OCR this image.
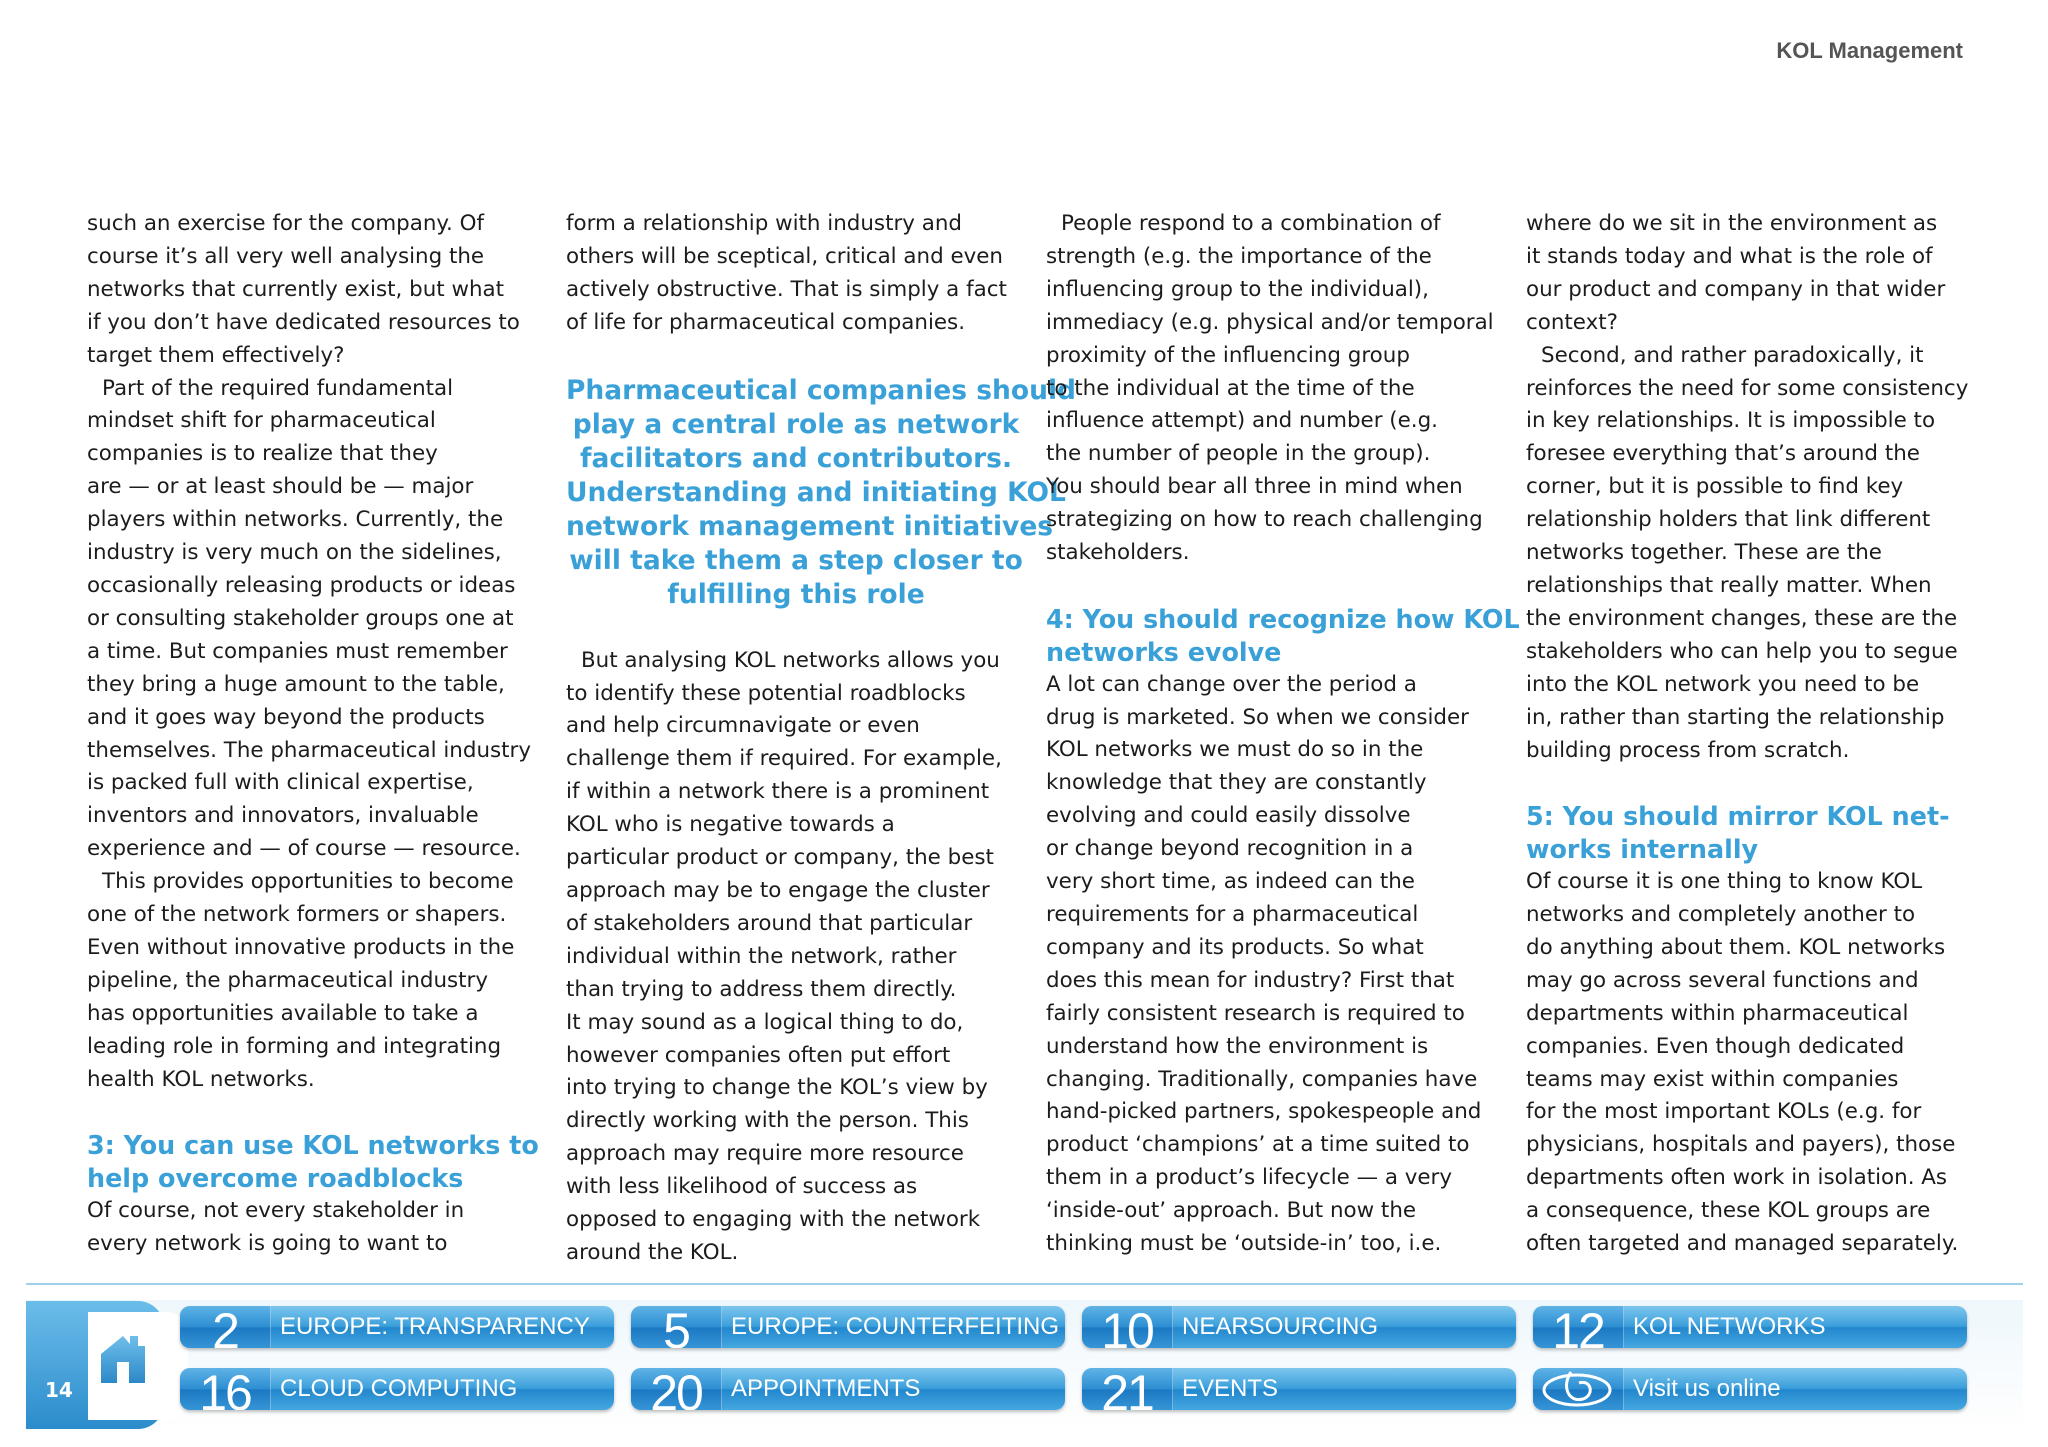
KOL Management

such an exercise for the company. Of

course it’s all very well analysing the

networks that currently exist, but what

if you don’t have dedicated resources to

target them effectively?

Part of the required fundamental

mindset shift for pharmaceutical

companies is to realize that they

are — or at least should be — major

players within networks. Currently, the

industry is very much on the sidelines,

occasionally releasing products or ideas

or consulting stakeholder groups one at

a time. But companies must remember

they bring a huge amount to the table,

and it goes way beyond the products

themselves. The pharmaceutical industry

is packed full with clinical expertise,

inventors and innovators, invaluable

experience and — of course — resource.

This provides opportunities to become

one of the network formers or shapers.

Even without innovative products in the

pipeline, the pharmaceutical industry

has opportunities available to take a

leading role in forming and integrating

health KOL networks.

3: You can use KOL networks to
help overcome roadblocks

Of course, not every stakeholder in

every network is going to want to

form a relationship with industry and

others will be sceptical, critical and even

actively obstructive. That is simply a fact

of life for pharmaceutical companies.

Pharmaceutical companies should

play a central role as network

facilitators and contributors.

Understanding and initiating KOL

network management initiatives

will take them a step closer to

fulfilling this role

But analysing KOL networks allows you

to identify these potential roadblocks

and help circumnavigate or even

challenge them if required. For example,

if within a network there is a prominent

KOL who is negative towards a

particular product or company, the best

approach may be to engage the cluster

of stakeholders around that particular

individual within the network, rather

than trying to address them directly.

It may sound as a logical thing to do,

however companies often put effort

into trying to change the KOL’s view by

directly working with the person. This

approach may require more resource

with less likelihood of success as

opposed to engaging with the network

around the KOL.

People respond to a combination of

strength (e.g. the importance of the

influencing group to the individual),

immediacy (e.g. physical and/or temporal

proximity of the influencing group

to the individual at the time of the

influence attempt) and number (e.g.

the number of people in the group).

You should bear all three in mind when

strategizing on how to reach challenging

stakeholders.

4: You should recognize how KOL
networks evolve

A lot can change over the period a

drug is marketed. So when we consider

KOL networks we must do so in the

knowledge that they are constantly

evolving and could easily dissolve

or change beyond recognition in a

very short time, as indeed can the

requirements for a pharmaceutical

company and its products. So what

does this mean for industry? First that

fairly consistent research is required to

understand how the environment is

changing. Traditionally, companies have

hand-picked partners, spokespeople and

product ‘champions’ at a time suited to

them in a product’s lifecycle — a very

‘inside-out’ approach. But now the

thinking must be ‘outside-in’ too, i.e.

where do we sit in the environment as

it stands today and what is the role of

our product and company in that wider

context?

Second, and rather paradoxically, it

reinforces the need for some consistency

in key relationships. It is impossible to

foresee everything that’s around the

corner, but it is possible to find key

relationship holders that link different

networks together. These are the

relationships that really matter. When

the environment changes, these are the

stakeholders who can help you to segue

into the KOL network you need to be

in, rather than starting the relationship

building process from scratch.

5: You should mirror KOL net-
works internally

Of course it is one thing to know KOL

networks and completely another to

do anything about them. KOL networks

may go across several functions and

departments within pharmaceutical

companies. Even though dedicated

teams may exist within companies

for the most important KOLs (e.g. for

physicians, hospitals and payers), those

departments often work in isolation. As

a consequence, these KOL groups are

often targeted and managed separately.

14
2	EUROPE: TRANSPARENCY	5	EUROPE: COUNTERFEITING 10	NEARSOURCING	12	KOL NETWORKS
16	CLOUD COMPUTING	20	APPOINTMENTS	21	EVENTS	Visit us online
